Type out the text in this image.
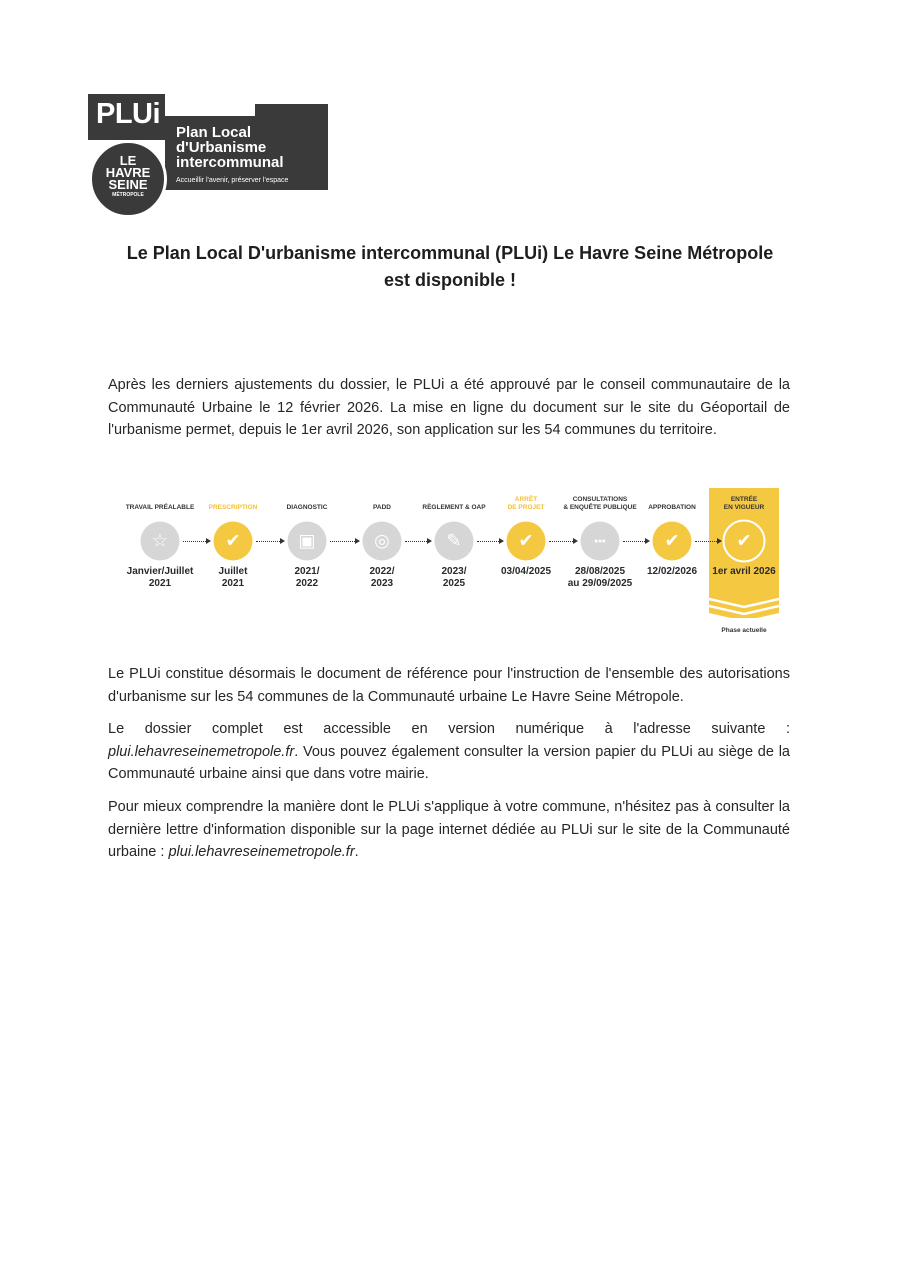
PLUi
Plan Local
d'Urbanisme
intercommunal
Accueillir l'avenir, préserver l'espace
LE
HAVRE
SEINE
MÉTROPOLE
Le Plan Local D'urbanisme intercommunal (PLUi) Le Havre Seine Métropole
est disponible !
Après les derniers ajustements du dossier, le PLUi a été approuvé par le conseil communautaire de la Communauté Urbaine le 12 février 2026. La mise en ligne du document sur le site du Géoportail de l'urbanisme permet, depuis le 1er avril 2026, son application sur les 54 communes du territoire.
TRAVAIL PRÉALABLE
☆
Janvier/Juillet
2021
PRESCRIPTION
✔
Juillet
2021
DIAGNOSTIC
▣
2021/
2022
PADD
◎
2022/
2023
RÈGLEMENT & OAP
✎
2023/
2025
ARRÊT
DE PROJET
✔
03/04/2025
CONSULTATIONS
& ENQUÊTE PUBLIQUE
•••
28/08/2025
au 29/09/2025
APPROBATION
✔
12/02/2026
ENTRÉE
EN VIGUEUR
✔
1er avril 2026
Phase actuelle
Le PLUi constitue désormais le document de référence pour l'instruction de l'ensemble des autorisations d'urbanisme sur les 54 communes de la Communauté urbaine Le Havre Seine Métropole.
Le dossier complet est accessible en version numérique à l'adresse suivante : plui.lehavreseinemetropole.fr. Vous pouvez également consulter la version papier du PLUi au siège de la Communauté urbaine ainsi que dans votre mairie.
Pour mieux comprendre la manière dont le PLUi s'applique à votre commune, n'hésitez pas à consulter la dernière lettre d'information disponible sur la page internet dédiée au PLUi sur le site de la Communauté urbaine : plui.lehavreseinemetropole.fr.
